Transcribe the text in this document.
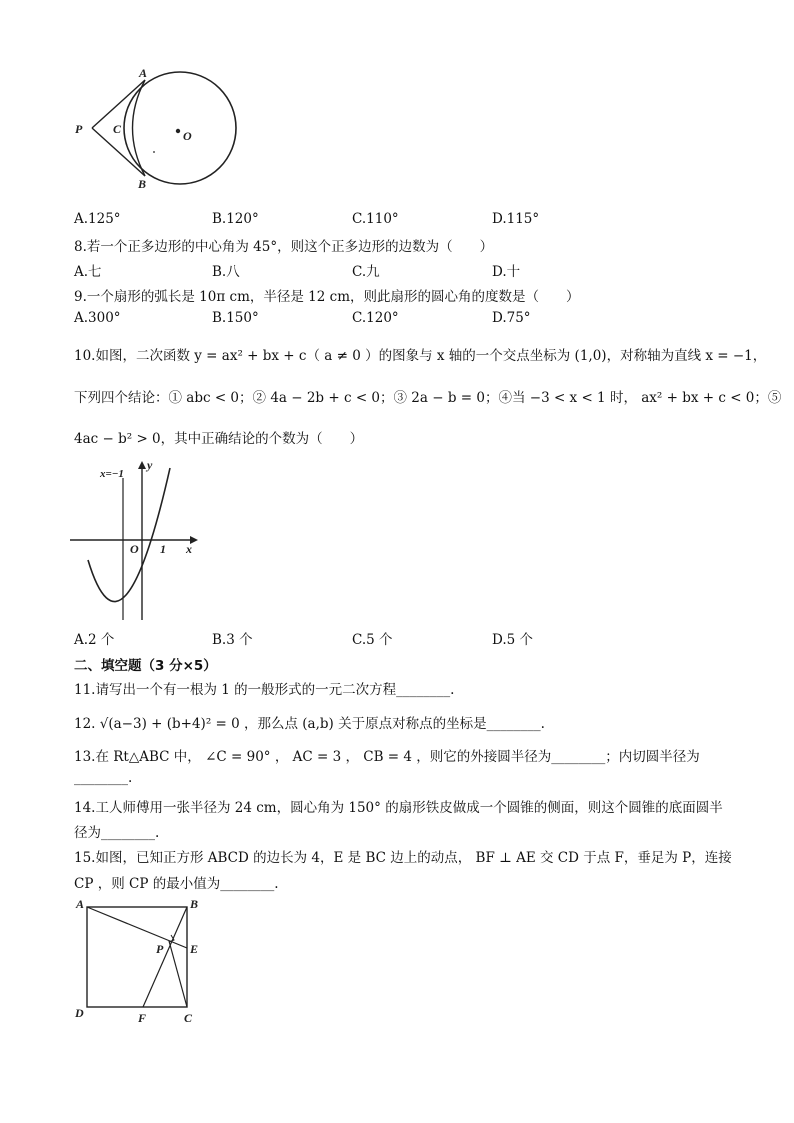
P	C	O
A
B
A.125°	B.120°	C.110°	D.115°
8.若一个正多边形的中心角为 45°，则这个正多边形的边数为（　　）
A.七	B.八	C.九	D.十
9.一个扇形的弧长是 10π cm，半径是 12 cm，则此扇形的圆心角的度数是（　　）
A.300°	B.150°	C.120°	D.75°
10.如图，二次函数 y = ax² + bx + c（ a ≠ 0 ）的图象与 x 轴的一个交点坐标为 (1,0)，对称轴为直线 x = −1，
下列四个结论：① abc < 0；② 4a − 2b + c < 0；③ 2a − b = 0；④当 −3 < x < 1 时， ax² + bx + c < 0；⑤
4ac − b² > 0，其中正确结论的个数为（　　）
x=−1
y
O 1 x
A.2 个	B.3 个	C.5 个	D.5 个
二、填空题（3 分×5）
11.请写出一个有一根为 1 的一般形式的一元二次方程________.
12. √(a−3) + (b+4)² = 0 ，那么点 (a,b) 关于原点对称点的坐标是________.
13.在 Rt△ABC 中， ∠C = 90° ， AC = 3 ， CB = 4 ，则它的外接圆半径为________；内切圆半径为
________.
14.工人师傅用一张半径为 24 cm，圆心角为 150° 的扇形铁皮做成一个圆锥的侧面，则这个圆锥的底面圆半
径为________.
15.如图，已知正方形 ABCD 的边长为 4，E 是 BC 边上的动点， BF ⊥ AE 交 CD 于点 F，垂足为 P，连接
CP ，则 CP 的最小值为________.
A	B
P E
D	F	C
